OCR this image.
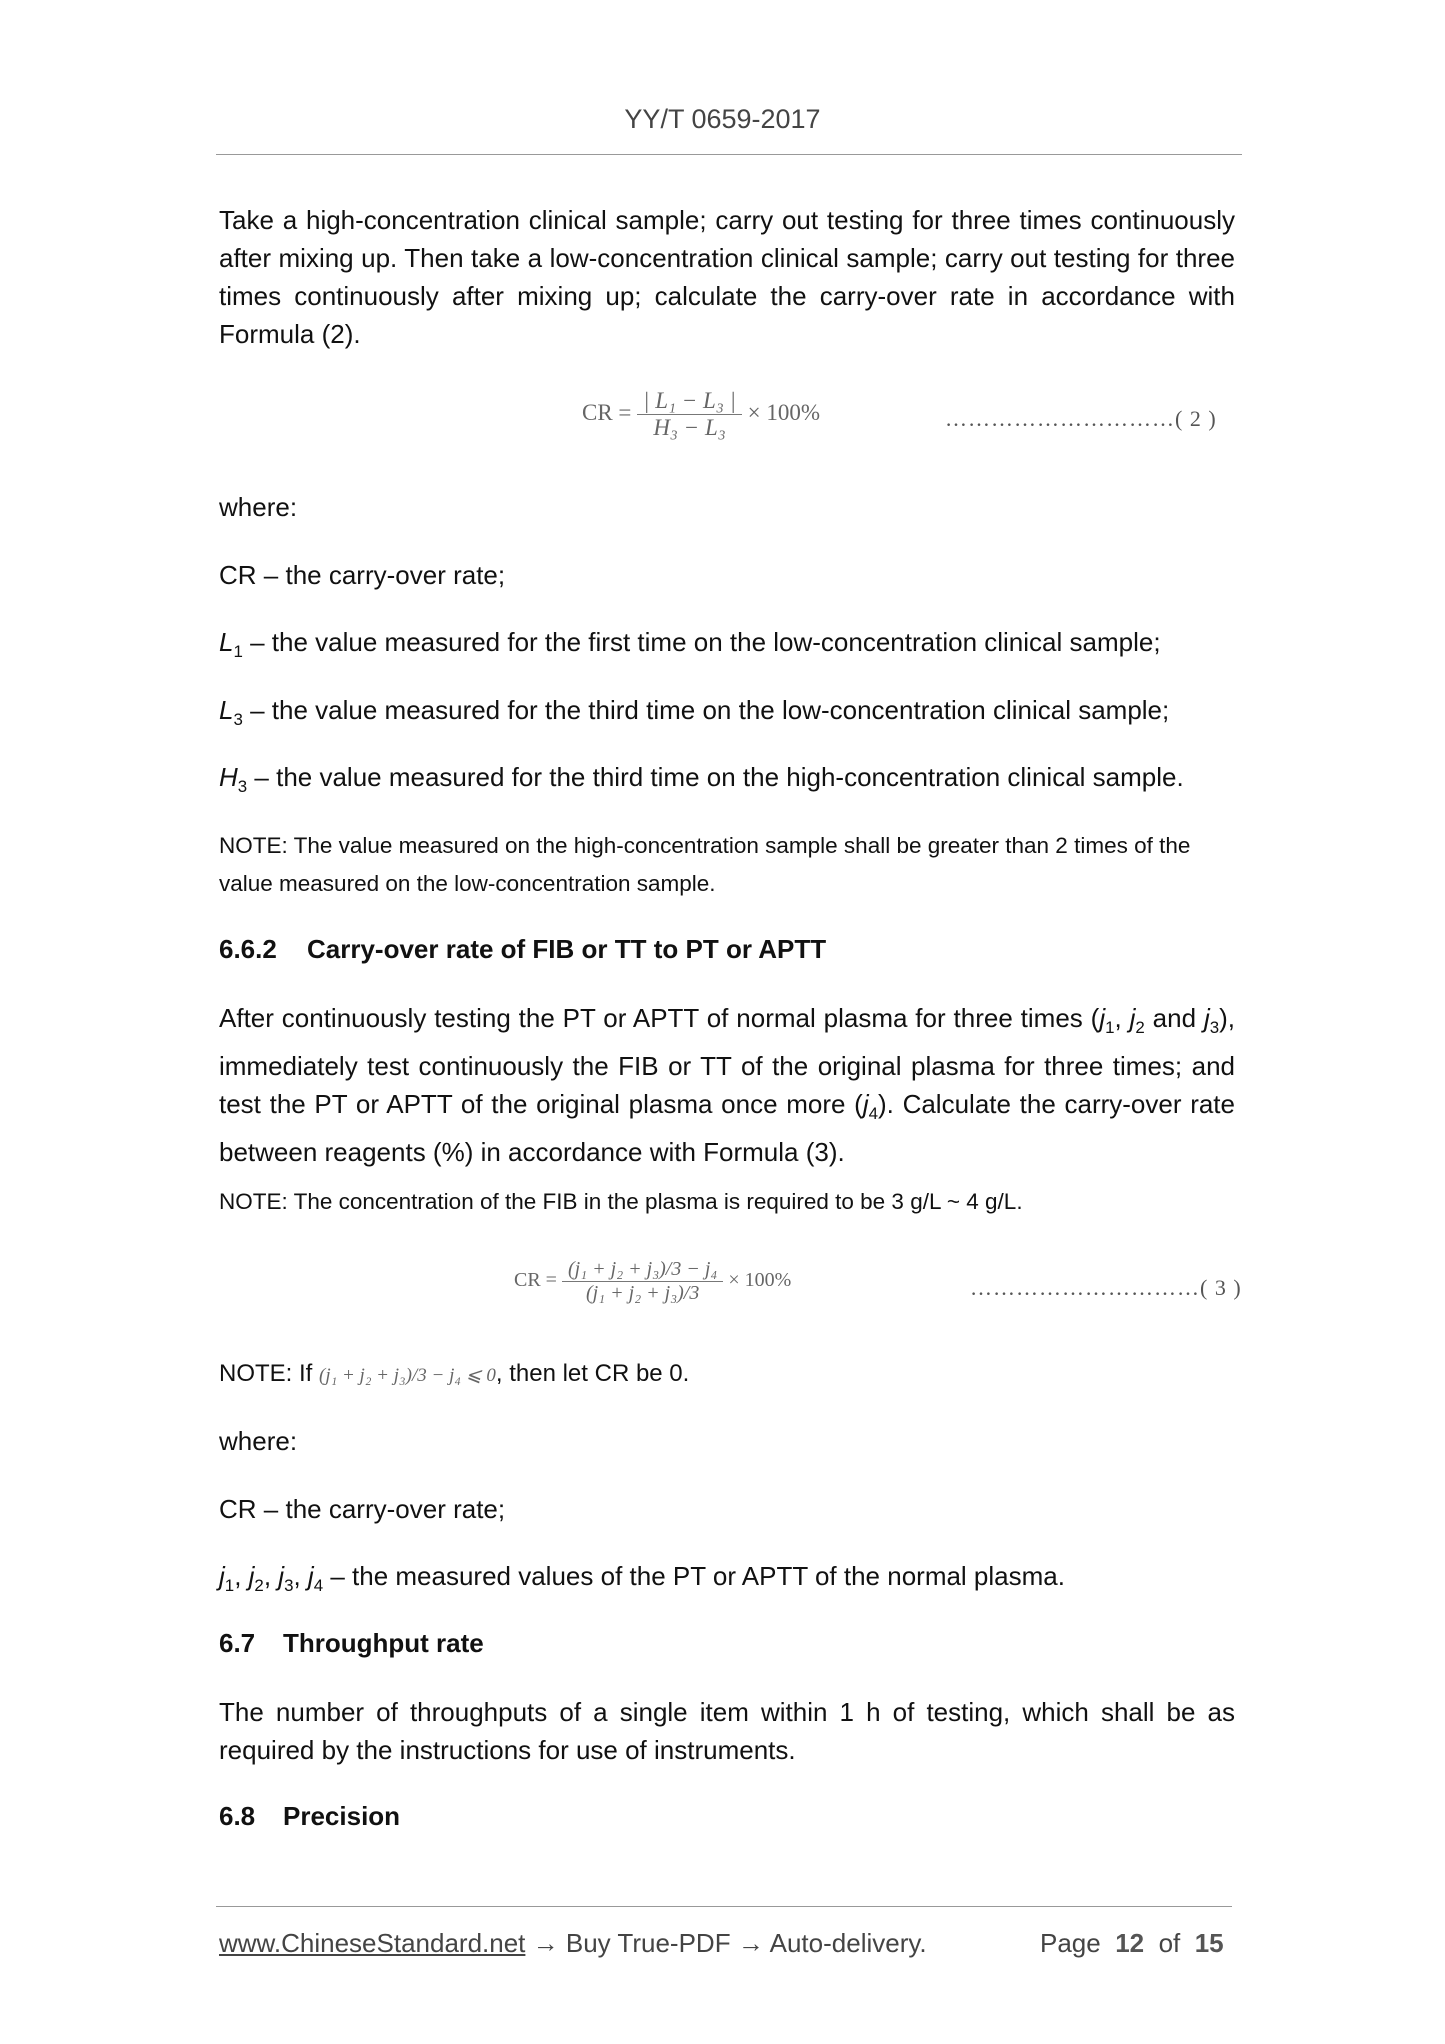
YY/T 0659-2017
Take a high-concentration clinical sample; carry out testing for three times continuously after mixing up. Then take a low-concentration clinical sample; carry out testing for three times continuously after mixing up; calculate the carry-over rate in accordance with Formula (2).
CR = $\frac{\text{| L₁ − L₃ |}}{\text{H₃ − L₃}} \times 100\%$	…………………………( 2 )
where:
CR – the carry-over rate;
$L_1$ – the value measured for the first time on the low-concentration clinical sample;
$L_3$ – the value measured for the third time on the low-concentration clinical sample;
$H_3$ – the value measured for the third time on the high-concentration clinical sample.
NOTE: The value measured on the high-concentration sample shall be greater than 2 times of the value measured on the low-concentration sample.
6.6.2 Carry-over rate of FIB or TT to PT or APTT
After continuously testing the PT or APTT of normal plasma for three times ($j_1$, $j_2$ and $j_3$), immediately test continuously the FIB or TT of the original plasma for three times; and test the PT or APTT of the original plasma once more $(j_4)$. Calculate the carry-over rate between reagents (%) in accordance with Formula (3).
NOTE: The concentration of the FIB in the plasma is required to be 3 g/L ~ 4 g/L.
CR = $\frac{\text{(j₁ + j₂ + j₃)/3 − j₄}}{\text{(j₁ + j₂ + j₃)/3}} \times 100\%$	…………………………( 3 )
NOTE: If (j₁ + j₂ + j₃)/3 − j₄ ⩽ 0, then let CR be 0.
where:
CR – the carry-over rate;
$j_1$, $j_2$, $j_3$, $j_4$ – the measured values of the PT or APTT of the normal plasma.
6.7 Throughput rate
The number of throughputs of a single item within 1 h of testing, which shall be as required by the instructions for use of instruments.
6.8 Precision
www.ChineseStandard.net → Buy True-PDF → Auto-delivery.	Page 12 of 15
